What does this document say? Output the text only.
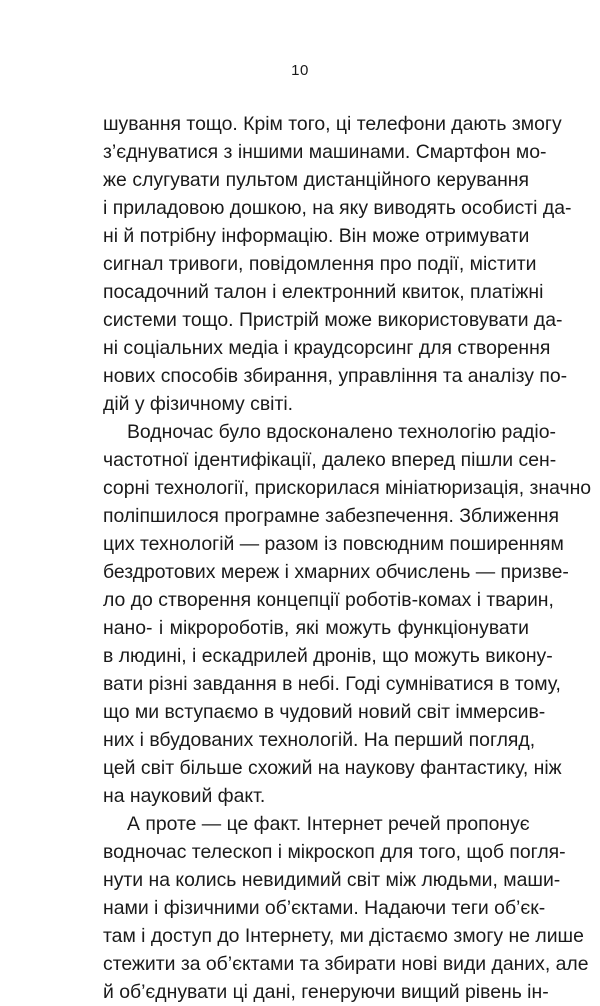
10
шування тощо. Крім того, ці телефони дають змогу
з’єднуватися з іншими машинами. Смартфон мо-
же слугувати пультом дистанційного керування
і приладовою дошкою, на яку виводять особисті да-
ні й потрібну інформацію. Він може отримувати
сигнал тривоги, повідомлення про події, містити
посадочний талон і електронний квиток, платіжні
системи тощо. Пристрій може використовувати да-
ні соціальних медіа і краудсорсинг для створення
нових способів збирання, управління та аналізу по-
дій у фізичному світі.
Водночас було вдосконалено технологію радіо-
частотної ідентифікації, далеко вперед пішли сен-
сорні технології, прискорилася мініатюризація, значно
поліпшилося програмне забезпечення. Зближення
цих технологій — разом із повсюдним поширенням
бездротових мереж і хмарних обчислень — призве-
ло до створення концепції роботів-комах і тварин,
нано- і мікророботів, які можуть функціонувати
в людині, і ескадрилей дронів, що можуть викону-
вати різні завдання в небі. Годі сумніватися в тому,
що ми вступаємо в чудовий новий світ іммерсив-
них і вбудованих технологій. На перший погляд,
цей світ більше схожий на наукову фантастику, ніж
на науковий факт.
А проте — це факт. Інтернет речей пропонує
водночас телескоп і мікроскоп для того, щоб погля-
нути на колись невидимий світ між людьми, маши-
нами і фізичними об’єктами. Надаючи теги об’єк-
там і доступ до Інтернету, ми дістаємо змогу не лише
стежити за об’єктами та збирати нові види даних, але
й об’єднувати ці дані, генеруючи вищий рівень ін-
